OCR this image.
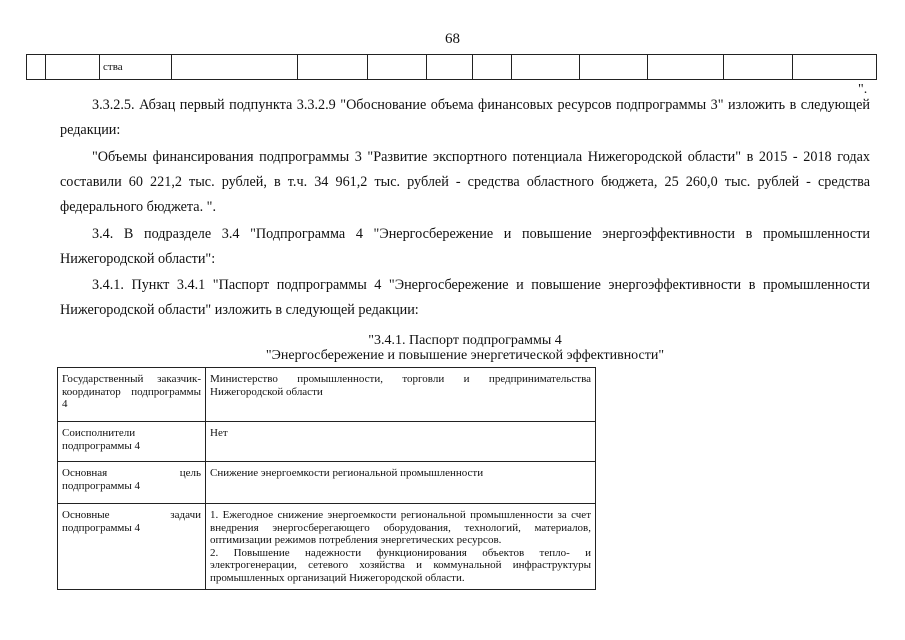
68
		ства										
".
3.3.2.5. Абзац первый подпункта 3.3.2.9 "Обоснование объема финансовых ресурсов подпрограммы 3" изложить в следующей редакции:
"Объемы финансирования подпрограммы 3 "Развитие экспортного потенциала Нижегородской области" в 2015 - 2018 годах составили 60 221,2 тыс. рублей, в т.ч. 34 961,2 тыс. рублей - средства областного бюджета, 25 260,0 тыс. рублей - средства федерального бюджета. ".
3.4. В подразделе 3.4 "Подпрограмма 4 "Энергосбережение и повышение энергоэффективности в промышленности Нижегородской области":
3.4.1. Пункт 3.4.1 "Паспорт подпрограммы 4 "Энергосбережение и повышение энергоэффективности в промышленности Нижегородской области" изложить в следующей редакции:
"3.4.1. Паспорт подпрограммы 4
"Энергосбережение и повышение энергетической эффективности"
Государственный заказчик-координатор подпрограммы 4	Министерство промышленности, торговли и предпринимательства Нижегородской области
Соисполнители подпрограммы 4	Нет
Основная цель подпрограммы 4	Снижение энергоемкости региональной промышленности
Основные задачи подпрограммы 4	1. Ежегодное снижение энергоемкости региональной промышленности за счет внедрения энергосберегающего оборудования, технологий, материалов, оптимизации режимов потребления энергетических ресурсов.
2. Повышение надежности функционирования объектов тепло- и электрогенерации, сетевого хозяйства и коммунальной инфраструктуры промышленных организаций Нижегородской области.
